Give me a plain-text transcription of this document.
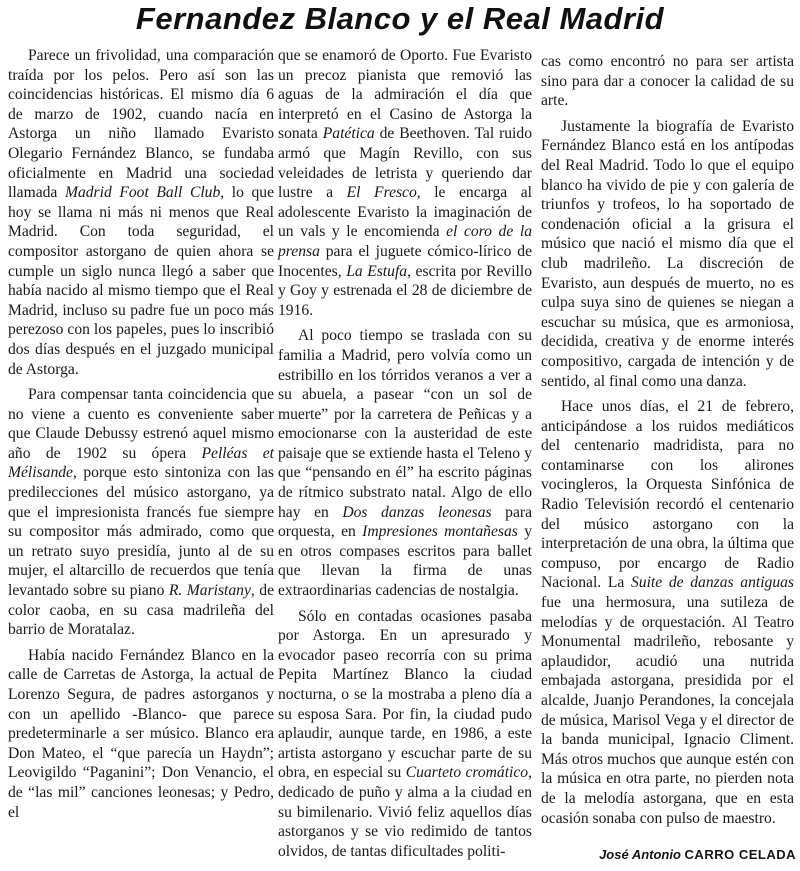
Fernandez Blanco y el Real Madrid

Parece un frivolidad, una comparación traída por los pelos. Pero así son las coincidencias históricas. El mismo día 6 de marzo de 1902, cuando nacía en Astorga un niño llamado Evaristo Olegario Fernández Blanco, se fundaba oficialmente en Madrid una sociedad llamada Madrid Foot Ball Club, lo que hoy se llama ni más ni menos que Real Madrid. Con toda seguridad, el compositor astorgano de quien ahora se cumple un siglo nunca llegó a saber que había nacido al mismo tiempo que el Real Madrid, incluso su padre fue un poco más perezoso con los papeles, pues lo inscribió dos días después en el juzgado municipal de Astorga.

Para compensar tanta coincidencia que no viene a cuento es conveniente saber que Claude Debussy estrenó aquel mismo año de 1902 su ópera Pelléas et Mélisande, porque esto sintoniza con las predilecciones del músico astorgano, ya que el impresionista francés fue siempre su compositor más admirado, como que un retrato suyo presidía, junto al de su mujer, el altarcillo de recuerdos que tenía levantado sobre su piano R. Maristany, de color caoba, en su casa madrileña del barrio de Moratalaz.

Había nacido Fernández Blanco en la calle de Carretas de Astorga, la actual de Lorenzo Segura, de padres astorganos y con un apellido -Blanco- que parece predeterminarle a ser músico. Blanco era Don Mateo, el “que parecía un Haydn”; Leovigildo “Paganini”; Don Venancio, el de “las mil” canciones leonesas; y Pedro, el

que se enamoró de Oporto. Fue Evaristo un precoz pianista que removió las aguas de la admiración el día que interpretó en el Casino de Astorga la sonata Patética de Beethoven. Tal ruido armó que Magín Revillo, con sus veleidades de letrista y queriendo dar lustre a El Fresco, le encarga al adolescente Evaristo la imaginación de un vals y le encomienda el coro de la prensa para el juguete cómico-lírico de Inocentes, La Estufa, escrita por Revillo y Goy y estrenada el 28 de diciembre de 1916.

Al poco tiempo se traslada con su familia a Madrid, pero volvía como un estribillo en los tórridos veranos a ver a su abuela, a pasear “con un sol de muerte” por la carretera de Peñicas y a emocionarse con la austeridad de este paisaje que se extiende hasta el Teleno y que “pensando en él” ha escrito páginas de rítmico substrato natal. Algo de ello hay en Dos danzas leonesas para orquesta, en Impresiones montañesas y en otros compases escritos para ballet que llevan la firma de unas extraordinarias cadencias de nostalgia.

Sólo en contadas ocasiones pasaba por Astorga. En un apresurado y evocador paseo recorría con su prima Pepita Martínez Blanco la ciudad nocturna, o se la mostraba a pleno día a su esposa Sara. Por fin, la ciudad pudo aplaudir, aunque tarde, en 1986, a este artista astorgano y escuchar parte de su obra, en especial su Cuarteto cromático, dedicado de puño y alma a la ciudad en su bimilenario. Vivió feliz aquellos días astorganos y se vio redimido de tantos olvidos, de tantas dificultades politi-

cas como encontró no para ser artista sino para dar a conocer la calidad de su arte.

Justamente la biografía de Evaristo Fernández Blanco está en los antípodas del Real Madrid. Todo lo que el equipo blanco ha vivido de pie y con galería de triunfos y trofeos, lo ha soportado de condenación oficial a la grisura el músico que nació el mismo día que el club madrileño. La discreción de Evaristo, aun después de muerto, no es culpa suya sino de quienes se niegan a escuchar su música, que es armoniosa, decidida, creativa y de enorme interés compositivo, cargada de intención y de sentido, al final como una danza.

Hace unos días, el 21 de febrero, anticipándose a los ruidos mediáticos del centenario madridista, para no contaminarse con los alirones vocingleros, la Orquesta Sinfónica de Radio Televisión recordó el centenario del músico astorgano con la interpretación de una obra, la última que compuso, por encargo de Radio Nacional. La Suite de danzas antiguas fue una hermosura, una sutileza de melodías y de orquestación. Al Teatro Monumental madrileño, rebosante y aplaudidor, acudió una nutrida embajada astorgana, presidida por el alcalde, Juanjo Perandones, la concejala de música, Marisol Vega y el director de la banda municipal, Ignacio Climent. Más otros muchos que aunque estén con la música en otra parte, no pierden nota de la melodía astorgana, que en esta ocasión sonaba con pulso de maestro.

José Antonio CARRO CELADA
